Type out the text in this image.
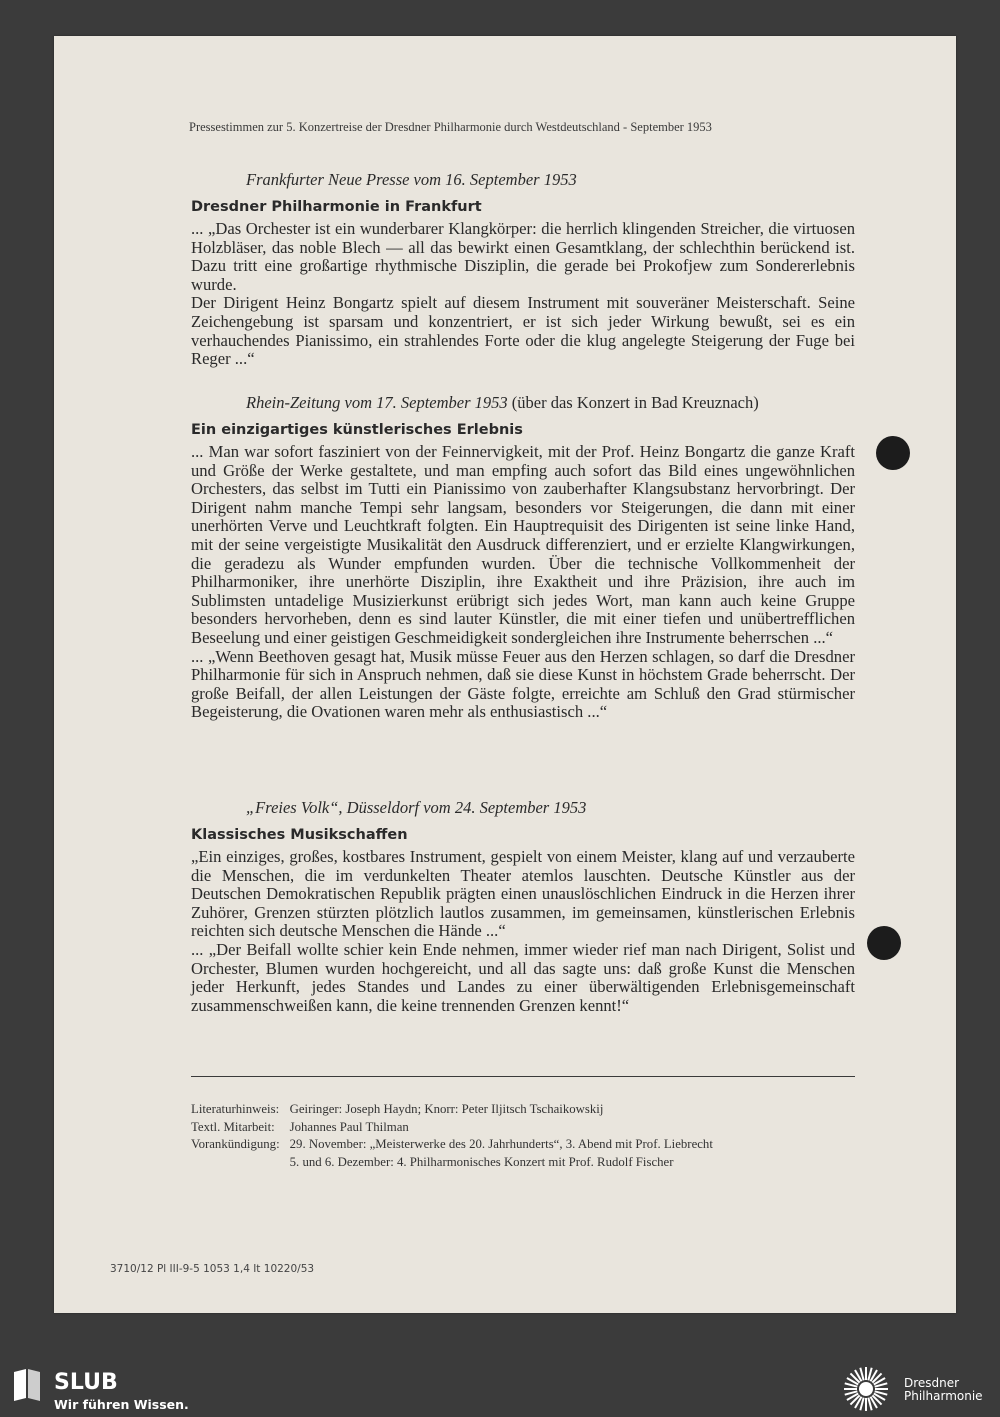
Pressestimmen zur 5. Konzertreise der Dresdner Philharmonie durch Westdeutschland - September 1953
Frankfurter Neue Presse vom 16. September 1953
Dresdner Philharmonie in Frankfurt

... „Das Orchester ist ein wunderbarer Klangkörper: die herrlich klingenden Streicher, die virtuosen Holzbläser, das noble Blech — all das bewirkt einen Gesamtklang, der schlechthin berückend ist. Dazu tritt eine großartige rhythmische Disziplin, die gerade bei Prokofjew zum Sondererlebnis wurde.

Der Dirigent Heinz Bongartz spielt auf diesem Instrument mit souveräner Meisterschaft. Seine Zeichengebung ist sparsam und konzentriert, er ist sich jeder Wirkung bewußt, sei es ein verhauchendes Pianissimo, ein strahlendes Forte oder die klug angelegte Steigerung der Fuge bei Reger ...“

Rhein-Zeitung vom 17. September 1953 (über das Konzert in Bad Kreuznach)
Ein einzigartiges künstlerisches Erlebnis

... Man war sofort fasziniert von der Feinnervigkeit, mit der Prof. Heinz Bongartz die ganze Kraft und Größe der Werke gestaltete, und man empfing auch sofort das Bild eines ungewöhnlichen Orchesters, das selbst im Tutti ein Pianissimo von zauberhafter Klangsubstanz hervorbringt. Der Dirigent nahm manche Tempi sehr langsam, besonders vor Steigerungen, die dann mit einer unerhörten Verve und Leuchtkraft folgten. Ein Hauptrequisit des Dirigenten ist seine linke Hand, mit der seine vergeistigte Musikalität den Ausdruck differenziert, und er erzielte Klangwirkungen, die geradezu als Wunder empfunden wurden. Über die technische Vollkommenheit der Philharmoniker, ihre unerhörte Disziplin, ihre Exaktheit und ihre Präzision, ihre auch im Sublimsten untadelige Musizierkunst erübrigt sich jedes Wort, man kann auch keine Gruppe besonders hervorheben, denn es sind lauter Künstler, die mit einer tiefen und unübertrefflichen Beseelung und einer geistigen Geschmeidigkeit sondergleichen ihre Instrumente beherrschen ...“

... „Wenn Beethoven gesagt hat, Musik müsse Feuer aus den Herzen schlagen, so darf die Dresdner Philharmonie für sich in Anspruch nehmen, daß sie diese Kunst in höchstem Grade beherrscht. Der große Beifall, der allen Leistungen der Gäste folgte, erreichte am Schluß den Grad stürmischer Begeisterung, die Ovationen waren mehr als enthusiastisch ...“

„Freies Volk“, Düsseldorf vom 24. September 1953
Klassisches Musikschaffen

„Ein einziges, großes, kostbares Instrument, gespielt von einem Meister, klang auf und verzauberte die Menschen, die im verdunkelten Theater atemlos lauschten. Deutsche Künstler aus der Deutschen Demokratischen Republik prägten einen unauslöschlichen Eindruck in die Herzen ihrer Zuhörer, Grenzen stürzten plötzlich lautlos zusammen, im gemeinsamen, künstlerischen Erlebnis reichten sich deutsche Menschen die Hände ...“

... „Der Beifall wollte schier kein Ende nehmen, immer wieder rief man nach Dirigent, Solist und Orchester, Blumen wurden hochgereicht, und all das sagte uns: daß große Kunst die Menschen jeder Herkunft, jedes Standes und Landes zu einer überwältigenden Erlebnisgemeinschaft zusammenschweißen kann, die keine trennenden Grenzen kennt!“

Literaturhinweis:	Geiringer: Joseph Haydn; Knorr: Peter Iljitsch Tschaikowskij
Textl. Mitarbeit:	Johannes Paul Thilman
Vorankündigung:	29. November: „Meisterwerke des 20. Jahrhunderts“, 3. Abend mit Prof. Liebrecht
	5. und 6. Dezember: 4. Philharmonisches Konzert mit Prof. Rudolf Fischer
3710/12 Pl III-9-5 1053 1,4 It 10220/53
SLUB
Wir führen Wissen.
Dresdner
Philharmonie
